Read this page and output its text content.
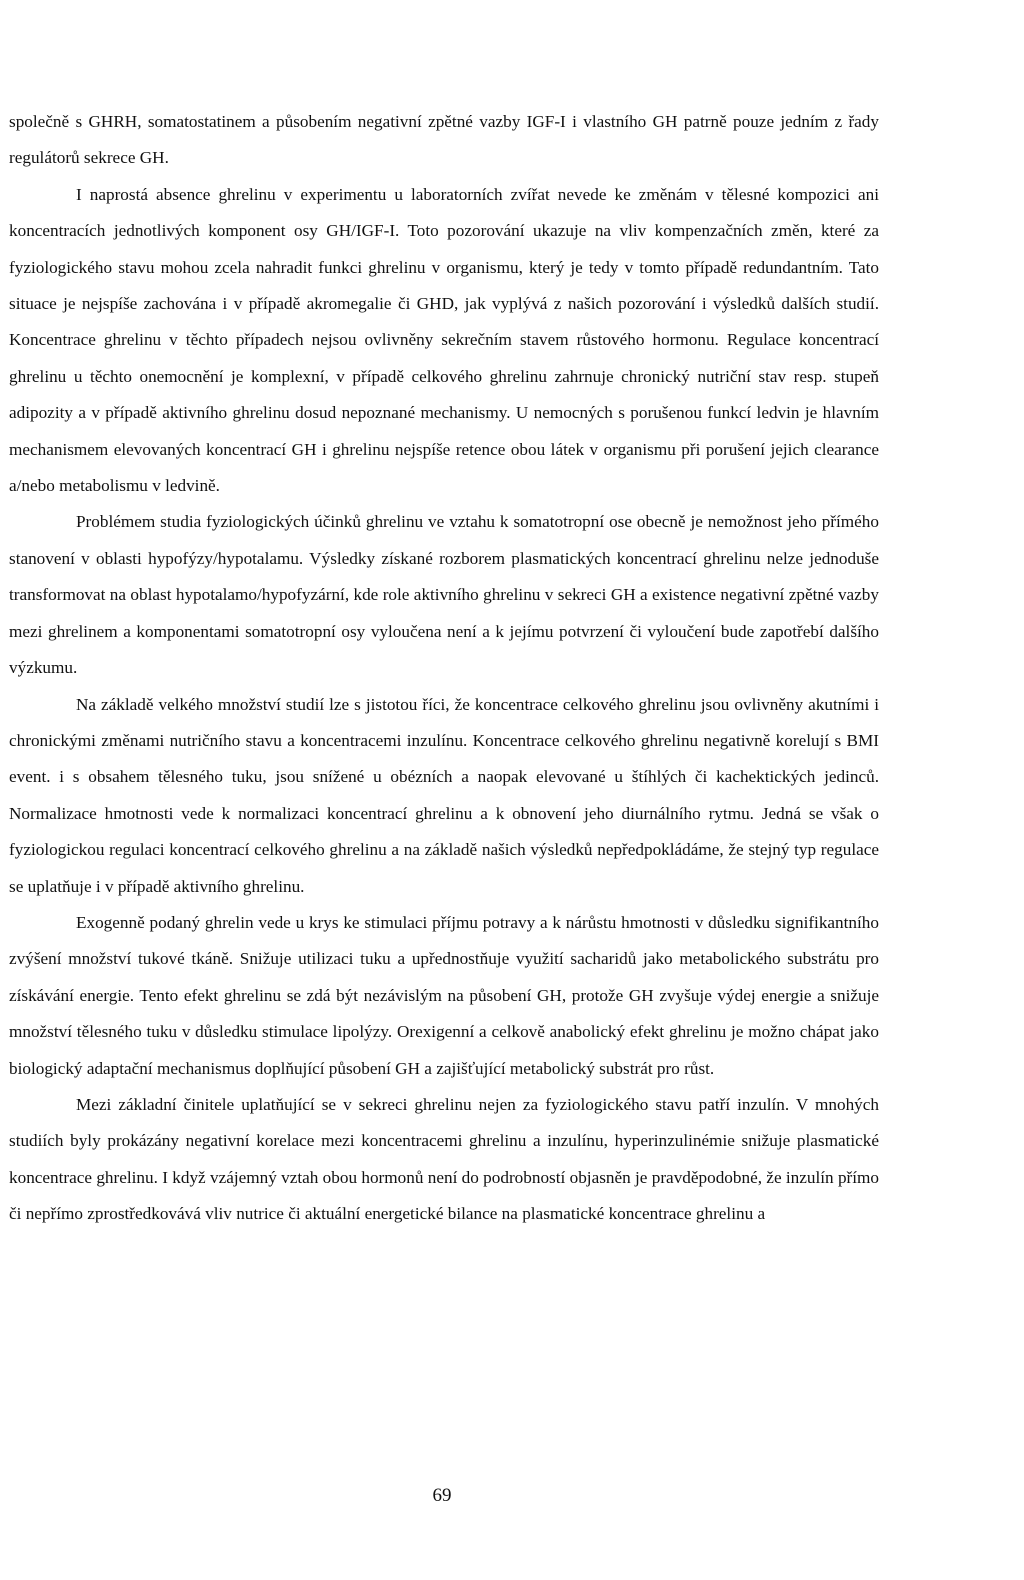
společně s GHRH, somatostatinem a působením negativní zpětné vazby IGF-I i vlastního GH patrně pouze jedním z řady regulátorů sekrece GH.

I naprostá absence ghrelinu v experimentu u laboratorních zvířat nevede ke změnám v tělesné kompozici ani koncentracích jednotlivých komponent osy GH/IGF-I. Toto pozorování ukazuje na vliv kompenzačních změn, které za fyziologického stavu mohou zcela nahradit funkci ghrelinu v organismu, který je tedy v tomto případě redundantním. Tato situace je nejspíše zachována i v případě akromegalie či GHD, jak vyplývá z našich pozorování i výsledků dalších studií. Koncentrace ghrelinu v těchto případech nejsou ovlivněny sekrečním stavem růstového hormonu. Regulace koncentrací ghrelinu u těchto onemocnění je komplexní, v případě celkového ghrelinu zahrnuje chronický nutriční stav resp. stupeň adipozity a v případě aktivního ghrelinu dosud nepoznané mechanismy. U nemocných s porušenou funkcí ledvin je hlavním mechanismem elevovaných koncentrací GH i ghrelinu nejspíše retence obou látek v organismu při porušení jejich clearance a/nebo metabolismu v ledvině.

Problémem studia fyziologických účinků ghrelinu ve vztahu k somatotropní ose obecně je nemožnost jeho přímého stanovení v oblasti hypofýzy/hypotalamu. Výsledky získané rozborem plasmatických koncentrací ghrelinu nelze jednoduše transformovat na oblast hypotalamo/hypofyzární, kde role aktivního ghrelinu v sekreci GH a existence negativní zpětné vazby mezi ghrelinem a komponentami somatotropní osy vyloučena není a k jejímu potvrzení či vyloučení bude zapotřebí dalšího výzkumu.

Na základě velkého množství studií lze s jistotou říci, že koncentrace celkového ghrelinu jsou ovlivněny akutními i chronickými změnami nutričního stavu a koncentracemi inzulínu. Koncentrace celkového ghrelinu negativně korelují s BMI event. i s obsahem tělesného tuku, jsou snížené u obézních a naopak elevované u štíhlých či kachektických jedinců. Normalizace hmotnosti vede k normalizaci koncentrací ghrelinu a k obnovení jeho diurnálního rytmu. Jedná se však o fyziologickou regulaci koncentrací celkového ghrelinu a na základě našich výsledků nepředpokládáme, že stejný typ regulace se uplatňuje i v případě aktivního ghrelinu.

Exogenně podaný ghrelin vede u krys ke stimulaci příjmu potravy a k nárůstu hmotnosti v důsledku signifikantního zvýšení množství tukové tkáně. Snižuje utilizaci tuku a upřednostňuje využití sacharidů jako metabolického substrátu pro získávání energie. Tento efekt ghrelinu se zdá být nezávislým na působení GH, protože GH zvyšuje výdej energie a snižuje množství tělesného tuku v důsledku stimulace lipolýzy. Orexigenní a celkově anabolický efekt ghrelinu je možno chápat jako biologický adaptační mechanismus doplňující působení GH a zajišťující metabolický substrát pro růst.

Mezi základní činitele uplatňující se v sekreci ghrelinu nejen za fyziologického stavu patří inzulín. V mnohých studiích byly prokázány negativní korelace mezi koncentracemi ghrelinu a inzulínu, hyperinzulinémie snižuje plasmatické koncentrace ghrelinu. I když vzájemný vztah obou hormonů není do podrobností objasněn je pravděpodobné, že inzulín přímo či nepřímo zprostředkovává vliv nutrice či aktuální energetické bilance na plasmatické koncentrace ghrelinu a

69
